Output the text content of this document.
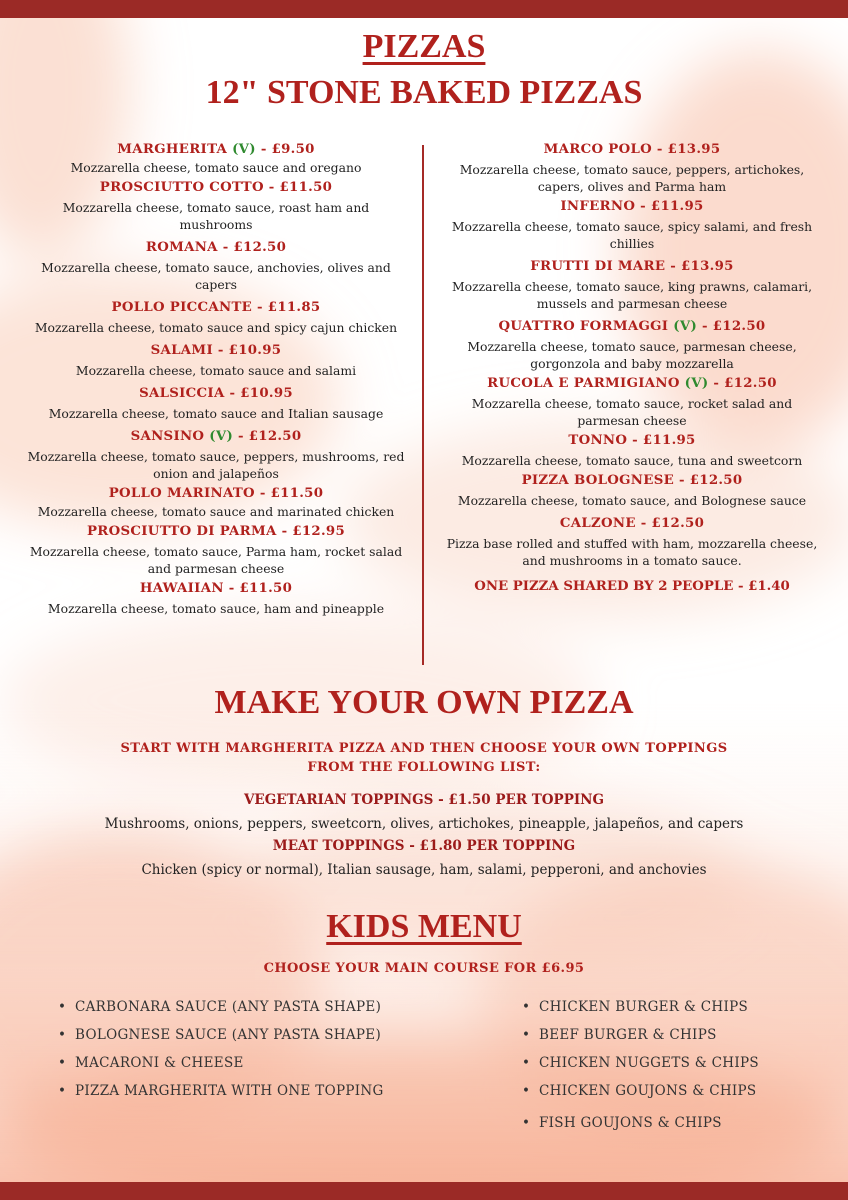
PIZZAS
12" STONE BAKED PIZZAS
MARGHERITA (V) - £9.50
Mozzarella cheese, tomato sauce and oregano
PROSCIUTTO COTTO - £11.50
Mozzarella cheese, tomato sauce, roast ham and mushrooms
ROMANA - £12.50
Mozzarella cheese, tomato sauce, anchovies, olives and capers
POLLO PICCANTE - £11.85
Mozzarella cheese, tomato sauce and spicy cajun chicken
SALAMI - £10.95
Mozzarella cheese, tomato sauce and salami
SALSICCIA - £10.95
Mozzarella cheese, tomato sauce and Italian sausage
SANSINO (V) - £12.50
Mozzarella cheese, tomato sauce, peppers, mushrooms, red onion and jalapeños
POLLO MARINATO - £11.50
Mozzarella cheese, tomato sauce and marinated chicken
PROSCIUTTO DI PARMA - £12.95
Mozzarella cheese, tomato sauce, Parma ham, rocket salad and parmesan cheese
HAWAIIAN - £11.50
Mozzarella cheese, tomato sauce, ham and pineapple
MARCO POLO - £13.95
Mozzarella cheese, tomato sauce, peppers, artichokes, capers, olives and Parma ham
INFERNO - £11.95
Mozzarella cheese, tomato sauce, spicy salami, and fresh chillies
FRUTTI DI MARE - £13.95
Mozzarella cheese, tomato sauce, king prawns, calamari, mussels and parmesan cheese
QUATTRO FORMAGGI (V) - £12.50
Mozzarella cheese, tomato sauce, parmesan cheese, gorgonzola and baby mozzarella
RUCOLA E PARMIGIANO (V) - £12.50
Mozzarella cheese, tomato sauce, rocket salad and parmesan cheese
TONNO - £11.95
Mozzarella cheese, tomato sauce, tuna and sweetcorn
PIZZA BOLOGNESE - £12.50
Mozzarella cheese, tomato sauce, and Bolognese sauce
CALZONE - £12.50
Pizza base rolled and stuffed with ham, mozzarella cheese, and mushrooms in a tomato sauce.
ONE PIZZA SHARED BY 2 PEOPLE - £1.40
MAKE YOUR OWN PIZZA
START WITH MARGHERITA PIZZA AND THEN CHOOSE YOUR OWN TOPPINGS
FROM THE FOLLOWING LIST:
VEGETARIAN TOPPINGS - £1.50 PER TOPPING
Mushrooms, onions, peppers, sweetcorn, olives, artichokes, pineapple, jalapeños, and capers
MEAT TOPPINGS - £1.80 PER TOPPING
Chicken (spicy or normal), Italian sausage, ham, salami, pepperoni, and anchovies
KIDS MENU
CHOOSE YOUR MAIN COURSE FOR £6.95
• CARBONARA SAUCE (ANY PASTA SHAPE)
• BOLOGNESE SAUCE (ANY PASTA SHAPE)
• MACARONI & CHEESE
• PIZZA MARGHERITA WITH ONE TOPPING
• CHICKEN BURGER & CHIPS
• BEEF BURGER & CHIPS
• CHICKEN NUGGETS & CHIPS
• CHICKEN GOUJONS & CHIPS
• FISH GOUJONS & CHIPS
